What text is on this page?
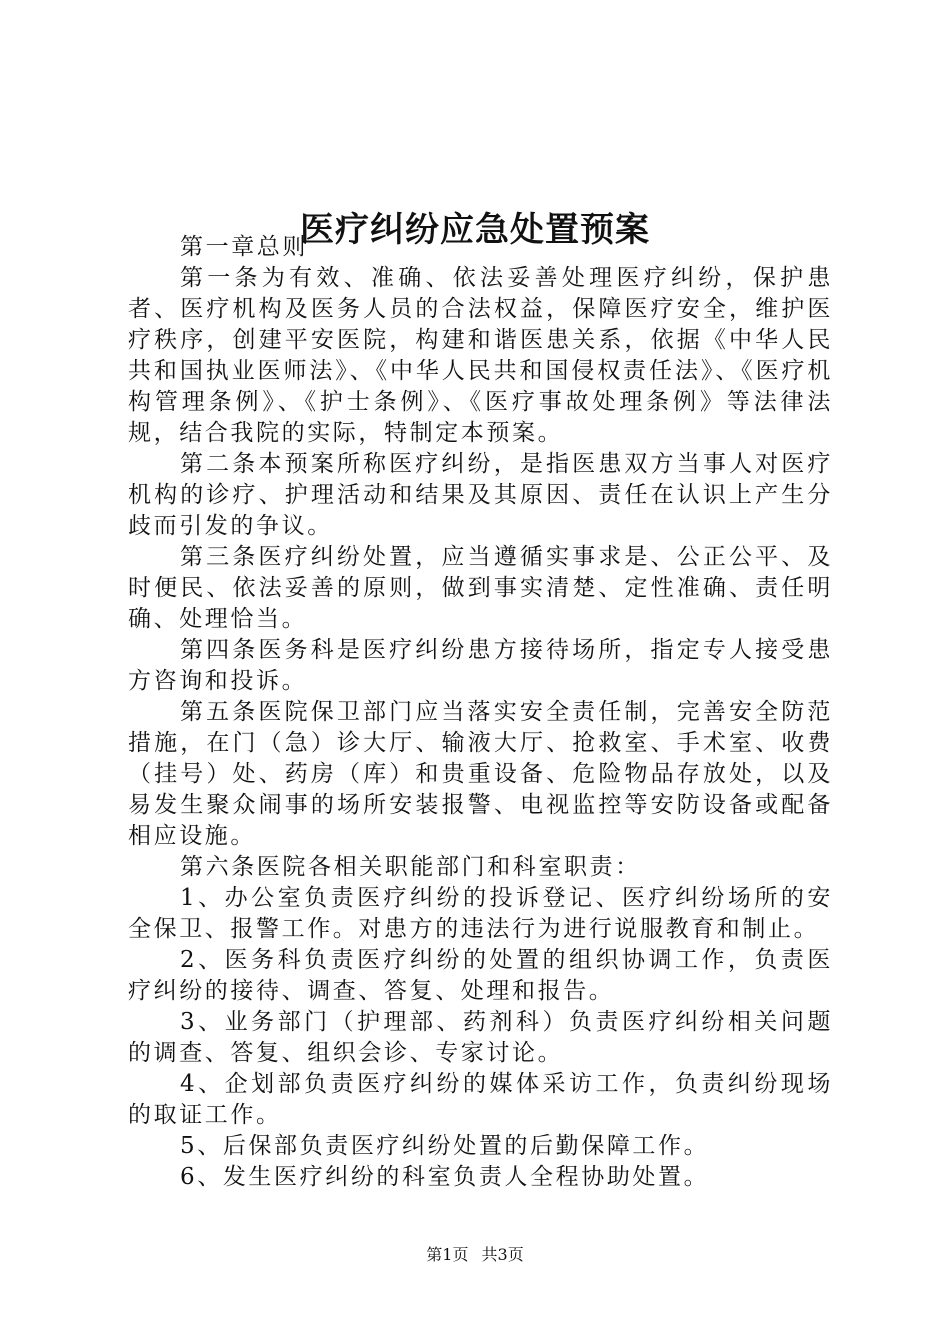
医疗纠纷应急处置预案

第一章总则

第一条为有效、准确、依法妥善处理医疗纠纷，保护患者、医疗机构及医务人员的合法权益，保障医疗安全，维护医疗秩序，创建平安医院，构建和谐医患关系，依据《中华人民共和国执业医师法》、《中华人民共和国侵权责任法》、《医疗机构管理条例》、《护士条例》、《医疗事故处理条例》等法律法规，结合我院的实际，特制定本预案。

第二条本预案所称医疗纠纷，是指医患双方当事人对医疗机构的诊疗、护理活动和结果及其原因、责任在认识上产生分歧而引发的争议。

第三条医疗纠纷处置，应当遵循实事求是、公正公平、及时便民、依法妥善的原则，做到事实清楚、定性准确、责任明确、处理恰当。

第四条医务科是医疗纠纷患方接待场所，指定专人接受患方咨询和投诉。

第五条医院保卫部门应当落实安全责任制，完善安全防范措施，在门（急）诊大厅、输液大厅、抢救室、手术室、收费（挂号）处、药房（库）和贵重设备、危险物品存放处，以及易发生聚众闹事的场所安装报警、电视监控等安防设备或配备相应设施。

第六条医院各相关职能部门和科室职责：

1、办公室负责医疗纠纷的投诉登记、医疗纠纷场所的安全保卫、报警工作。对患方的违法行为进行说服教育和制止。

2、医务科负责医疗纠纷的处置的组织协调工作，负责医疗纠纷的接待、调查、答复、处理和报告。

3、业务部门（护理部、药剂科）负责医疗纠纷相关问题的调查、答复、组织会诊、专家讨论。

4、企划部负责医疗纠纷的媒体采访工作，负责纠纷现场的取证工作。

5、后保部负责医疗纠纷处置的后勤保障工作。

6、发生医疗纠纷的科室负责人全程协助处置。

第1页 共3页
